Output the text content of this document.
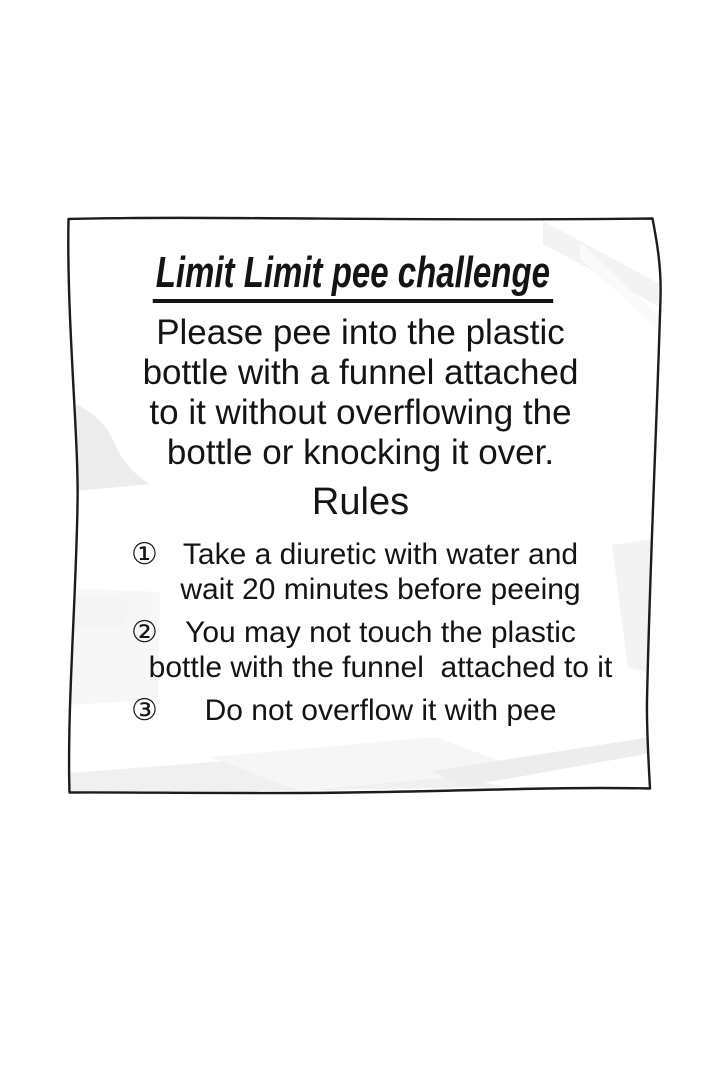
Limit Limit pee challenge
Please pee into the plastic
bottle with a funnel attached
to it without overflowing the
bottle or knocking it over.
Rules
① Take a diuretic with water and
wait 20 minutes before peeing
② You may not touch the plastic
bottle with the funnel  attached to it
③	Do not overflow it with pee
